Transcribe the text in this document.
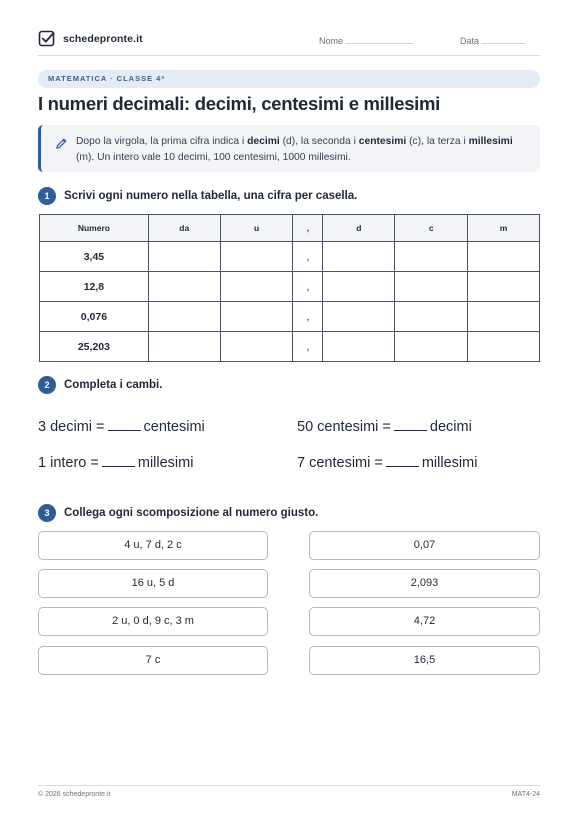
schedepronte.it	Nome ..................................	Data ......................
MATEMATICA · CLASSE 4ª
I numeri decimali: decimi, centesimi e millesimi
Dopo la virgola, la prima cifra indica i decimi (d), la seconda i centesimi (c), la terza i millesimi (m). Un intero vale 10 decimi, 100 centesimi, 1000 millesimi.
1	Scrivi ogni numero nella tabella, una cifra per casella.
Numero	da	u	,	d	c	m
3,45			,			
12,8			,			
0,076			,			
25,203			,			
2	Completa i cambi.
3 decimi =	centesimi	50 centesimi =	decimi
1 intero =	millesimi	7 centesimi =	millesimi
3	Collega ogni scomposizione al numero giusto.
4 u, 7 d, 2 c
16 u, 5 d
2 u, 0 d, 9 c, 3 m
7 c
0,07
2,093
4,72
16,5
© 2026 schedepronte.it	MAT4-24
